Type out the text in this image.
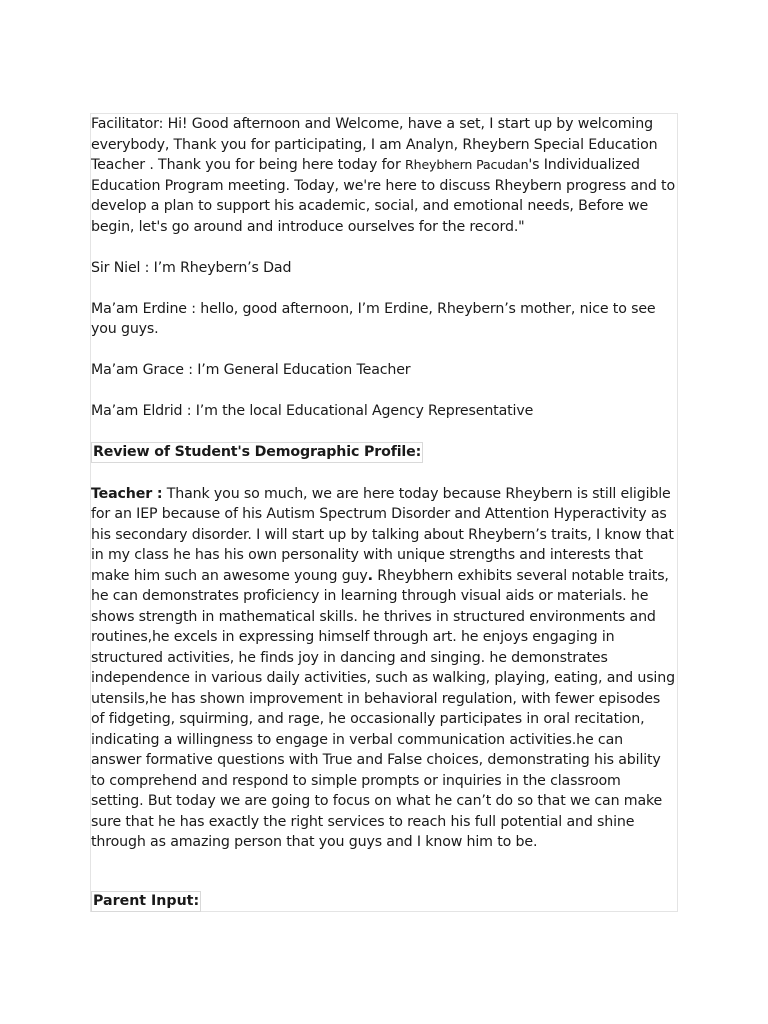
Facilitator: Hi! Good afternoon and Welcome, have a set, I start up by welcoming everybody, Thank you for participating, I am Analyn, Rheybern Special Education Teacher . Thank you for being here today for Rheybhern Pacudan's Individualized Education Program meeting. Today, we're here to discuss Rheybern progress and to develop a plan to support his academic, social, and emotional needs, Before we begin, let's go around and introduce ourselves for the record."

Sir Niel : I’m Rheybern’s Dad

Ma’am Erdine : hello, good afternoon, I’m Erdine, Rheybern’s mother, nice to see you guys.

Ma’am Grace : I’m General Education Teacher

Ma’am Eldrid : I’m the local Educational Agency Representative

Review of Student's Demographic Profile:

Teacher : Thank you so much, we are here today because Rheybern is still eligible for an IEP because of his Autism Spectrum Disorder and Attention Hyperactivity as his secondary disorder. I will start up by talking about Rheybern’s traits, I know that in my class he has his own personality with unique strengths and interests that make him such an awesome young guy. Rheybhern exhibits several notable traits, he can demonstrates proficiency in learning through visual aids or materials. he shows strength in mathematical skills. he thrives in structured environments and routines,he excels in expressing himself through art. he enjoys engaging in structured activities, he finds joy in dancing and singing. he demonstrates independence in various daily activities, such as walking, playing, eating, and using utensils,he has shown improvement in behavioral regulation, with fewer episodes of fidgeting, squirming, and rage, he occasionally participates in oral recitation, indicating a willingness to engage in verbal communication activities.he can answer formative questions with True and False choices, demonstrating his ability to comprehend and respond to simple prompts or inquiries in the classroom setting. But today we are going to focus on what he can’t do so that we can make sure that he has exactly the right services to reach his full potential and shine through as amazing person that you guys and I know him to be.

Parent Input:
